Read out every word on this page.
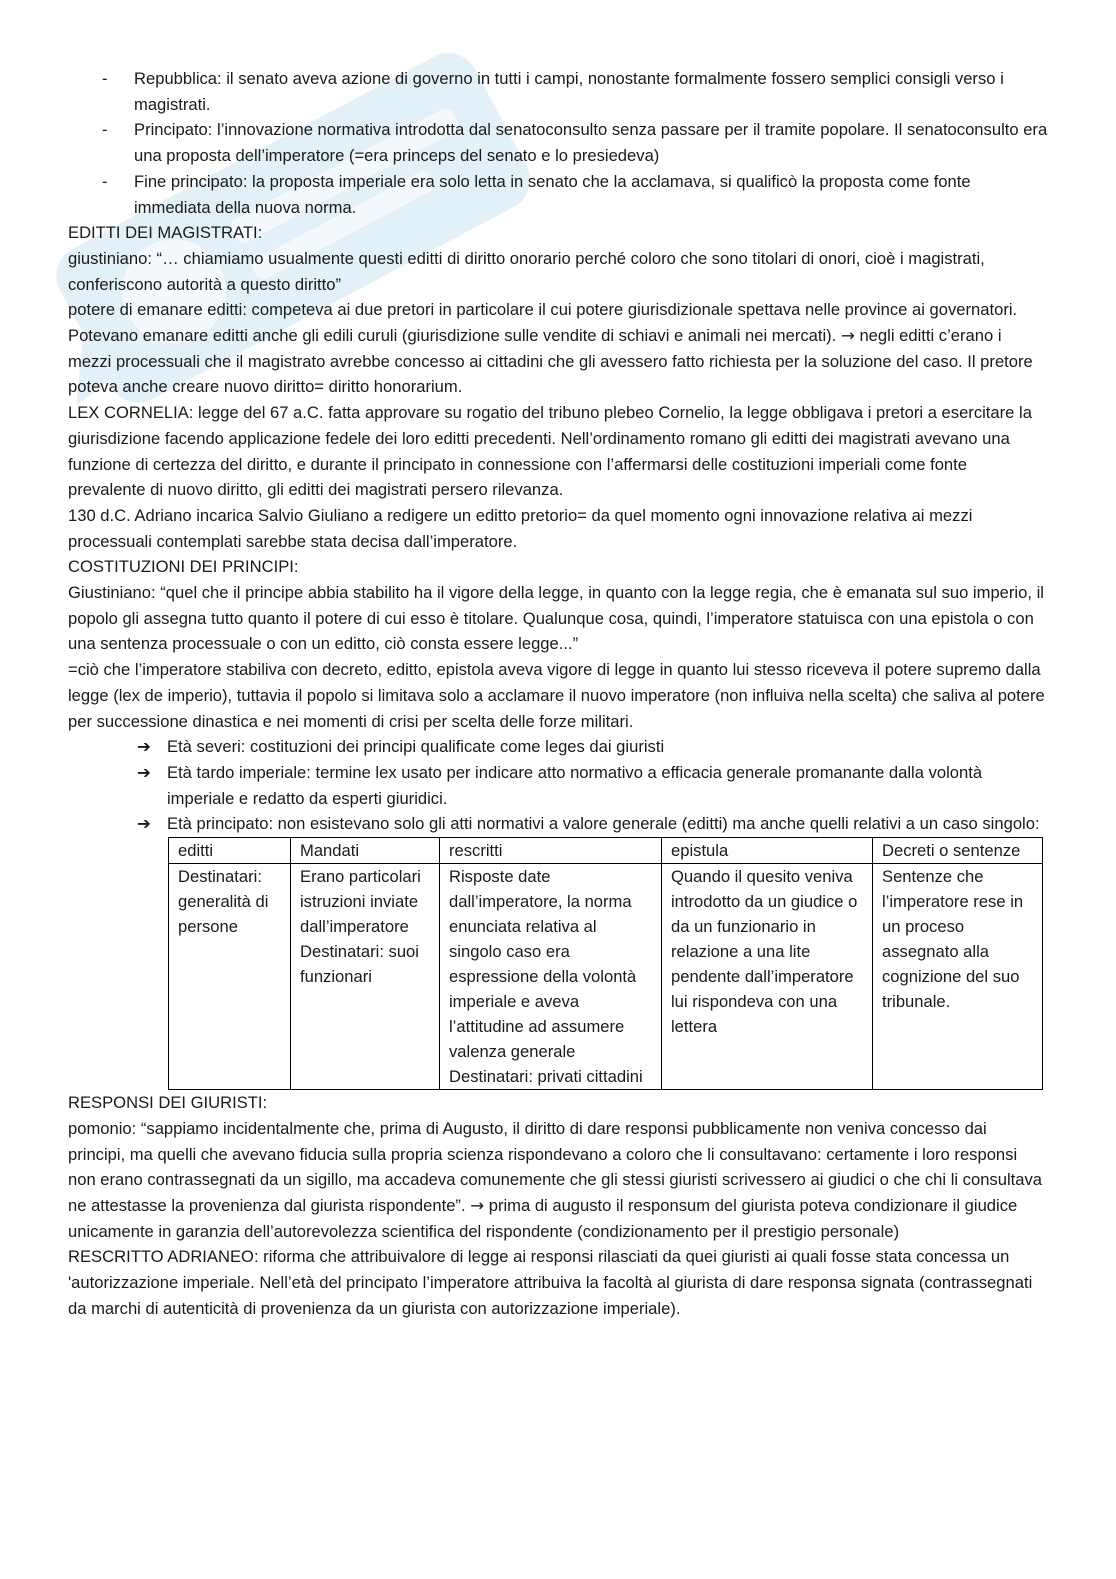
- Repubblica: il senato aveva azione di governo in tutti i campi, nonostante formalmente fossero semplici consigli verso i magistrati.
- Principato: l’innovazione normativa introdotta dal senatoconsulto senza passare per il tramite popolare. Il senatoconsulto era una proposta dell’imperatore (=era princeps del senato e lo presiedeva)
- Fine principato: la proposta imperiale era solo letta in senato che la acclamava, si qualificò la proposta come fonte immediata della nuova norma.

EDITTI DEI MAGISTRATI:

giustiniano: “… chiamiamo usualmente questi editti di diritto onorario perché coloro che sono titolari di onori, cioè i magistrati, conferiscono autorità a questo diritto”

potere di emanare editti: competeva ai due pretori in particolare il cui potere giurisdizionale spettava nelle province ai governatori. Potevano emanare editti anche gli edili curuli (giurisdizione sulle vendite di schiavi e animali nei mercati). → negli editti c’erano i mezzi processuali che il magistrato avrebbe concesso ai cittadini che gli avessero fatto richiesta per la soluzione del caso. Il pretore poteva anche creare nuovo diritto= diritto honorarium.

LEX CORNELIA: legge del 67 a.C. fatta approvare su rogatio del tribuno plebeo Cornelio, la legge obbligava i pretori a esercitare la giurisdizione facendo applicazione fedele dei loro editti precedenti. Nell’ordinamento romano gli editti dei magistrati avevano una funzione di certezza del diritto, e durante il principato in connessione con l’affermarsi delle costituzioni imperiali come fonte prevalente di nuovo diritto, gli editti dei magistrati persero rilevanza.

130 d.C. Adriano incarica Salvio Giuliano a redigere un editto pretorio= da quel momento ogni innovazione relativa ai mezzi processuali contemplati sarebbe stata decisa dall’imperatore.

COSTITUZIONI DEI PRINCIPI:

Giustiniano: “quel che il principe abbia stabilito ha il vigore della legge, in quanto con la legge regia, che è emanata sul suo imperio, il popolo gli assegna tutto quanto il potere di cui esso è titolare. Qualunque cosa, quindi, l’imperatore statuisca con una epistola o con una sentenza processuale o con un editto, ciò consta essere legge...”

=ciò che l’imperatore stabiliva con decreto, editto, epistola aveva vigore di legge in quanto lui stesso riceveva il potere supremo dalla legge (lex de imperio), tuttavia il popolo si limitava solo a acclamare il nuovo imperatore (non influiva nella scelta) che saliva al potere per successione dinastica e nei momenti di crisi per scelta delle forze militari.

➔ Età severi: costituzioni dei principi qualificate come leges dai giuristi
➔ Età tardo imperiale: termine lex usato per indicare atto normativo a efficacia generale promanante dalla volontà imperiale e redatto da esperti giuridici.
➔ Età principato: non esistevano solo gli atti normativi a valore generale (editti) ma anche quelli relativi a un caso singolo:
editti	Mandati	rescritti	epistula	Decreti o sentenze
Destinatari: generalità di persone	Erano particolari istruzioni inviate dall’imperatore Destinatari: suoi funzionari	Risposte date dall’imperatore, la norma enunciata relativa al singolo caso era espressione della volontà imperiale e aveva l’attitudine ad assumere valenza generale Destinatari: privati cittadini	Quando il quesito veniva introdotto da un giudice o da un funzionario in relazione a una lite pendente dall’imperatore lui rispondeva con una lettera	Sentenze che l’imperatore rese in un proceso assegnato alla cognizione del suo tribunale.

RESPONSI DEI GIURISTI:

pomonio: “sappiamo incidentalmente che, prima di Augusto, il diritto di dare responsi pubblicamente non veniva concesso dai principi, ma quelli che avevano fiducia sulla propria scienza rispondevano a coloro che li consultavano: certamente i loro responsi non erano contrassegnati da un sigillo, ma accadeva comunemente che gli stessi giuristi scrivessero ai giudici o che chi li consultava ne attestasse la provenienza dal giurista rispondente”. → prima di augusto il responsum del giurista poteva condizionare il giudice unicamente in garanzia dell’autorevolezza scientifica del rispondente (condizionamento per il prestigio personale)

RESCRITTO ADRIANEO: riforma che attribuivalore di legge ai responsi rilasciati da quei giuristi ai quali fosse stata concessa un 'autorizzazione imperiale. Nell’età del principato l’imperatore attribuiva la facoltà al giurista di dare responsa signata (contrassegnati da marchi di autenticità di provenienza da un giurista con autorizzazione imperiale).
